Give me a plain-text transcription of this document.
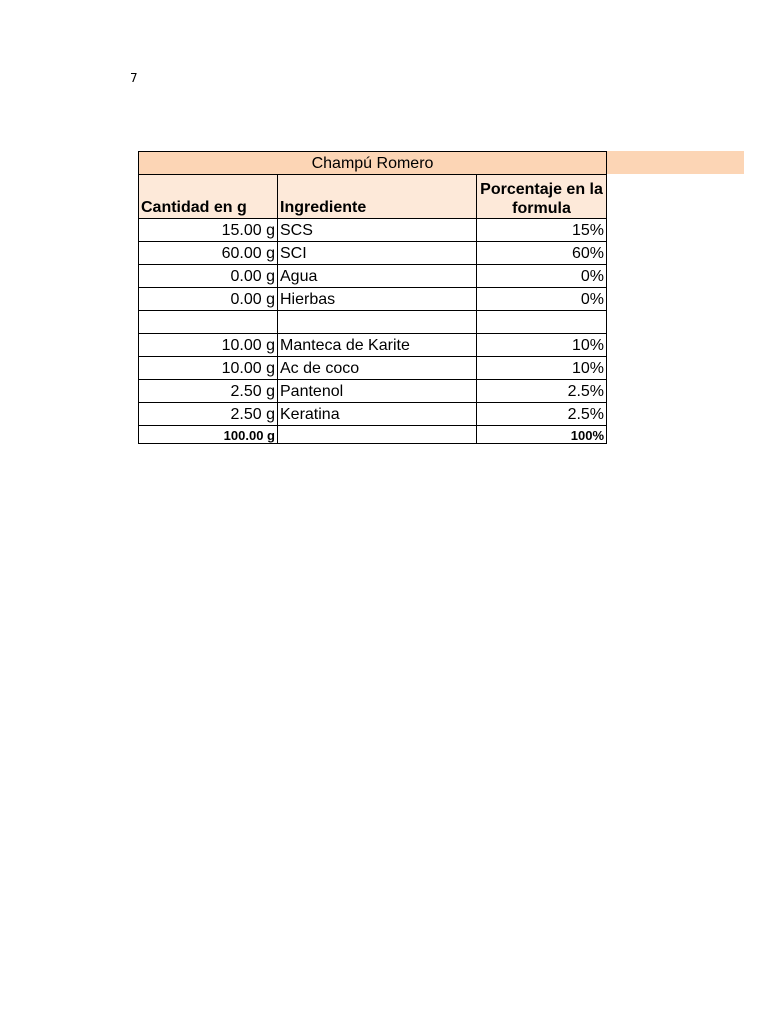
7
Champú Romero		
Cantidad en g	Ingrediente	Porcentaje en la formula
15.00 g	SCS	15%
60.00 g	SCI	60%
0.00 g	Agua	0%
0.00 g	Hierbas	0%

10.00 g	Manteca de Karite	10%
10.00 g	Ac de coco	10%
2.50 g	Pantenol	2.5%
2.50 g	Keratina	2.5%
100.00 g		100%
